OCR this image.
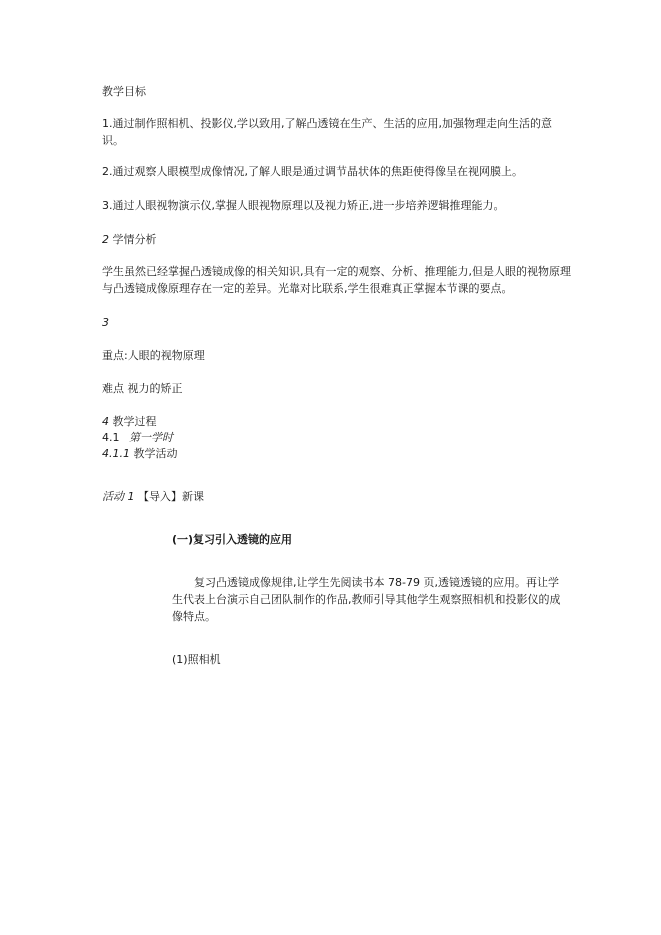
教学目标
1.通过制作照相机、投影仪,学以致用,了解凸透镜在生产、生活的应用,加强物理走向生活的意识。
2.通过观察人眼模型成像情况,了解人眼是通过调节晶状体的焦距使得像呈在视网膜上。
3.通过人眼视物演示仪,掌握人眼视物原理以及视力矫正,进一步培养逻辑推理能力。
2 学情分析
学生虽然已经掌握凸透镜成像的相关知识,具有一定的观察、分析、推理能力,但是人眼的视物原理与凸透镜成像原理存在一定的差异。光靠对比联系,学生很难真正掌握本节课的要点。
3
重点:人眼的视物原理
难点 视力的矫正
4 教学过程
4.1 第一学时
4.1.1 教学活动
活动 1 【导入】新课
(一)复习引入透镜的应用
复习凸透镜成像规律,让学生先阅读书本 78-79 页,透镜透镜的应用。再让学生代表上台演示自己团队制作的作品,教师引导其他学生观察照相机和投影仪的成像特点。
(1)照相机
